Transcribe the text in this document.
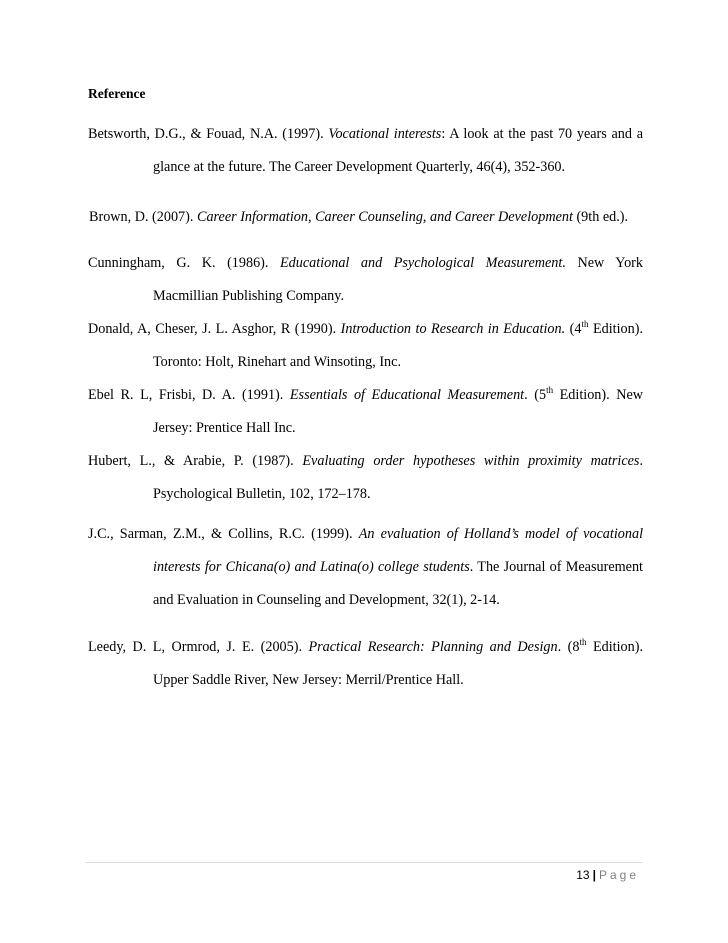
Reference
Betsworth, D.G., & Fouad, N.A. (1997). Vocational interests: A look at the past 70 years and a
glance at the future. The Career Development Quarterly, 46(4), 352-360.
Brown, D. (2007). Career Information, Career Counseling, and Career Development (9th ed.).
Cunningham, G. K. (1986). Educational and Psychological Measurement. New York
Macmillian Publishing Company.
Donald, A, Cheser, J. L. Asghor, R (1990). Introduction to Research in Education. (4th Edition).
Toronto: Holt, Rinehart and Winsoting, Inc.
Ebel R. L, Frisbi, D. A. (1991). Essentials of Educational Measurement. (5th Edition). New
Jersey: Prentice Hall Inc.
Hubert, L., & Arabie, P. (1987). Evaluating order hypotheses within proximity matrices.
Psychological Bulletin, 102, 172–178.
J.C., Sarman, Z.M., & Collins, R.C. (1999). An evaluation of Holland’s model of vocational
interests for Chicana(o) and Latina(o) college students. The Journal of Measurement
and Evaluation in Counseling and Development, 32(1), 2-14.
Leedy, D. L, Ormrod, J. E. (2005). Practical Research: Planning and Design. (8th Edition).
Upper Saddle River, New Jersey: Merril/Prentice Hall.
13 | Page
